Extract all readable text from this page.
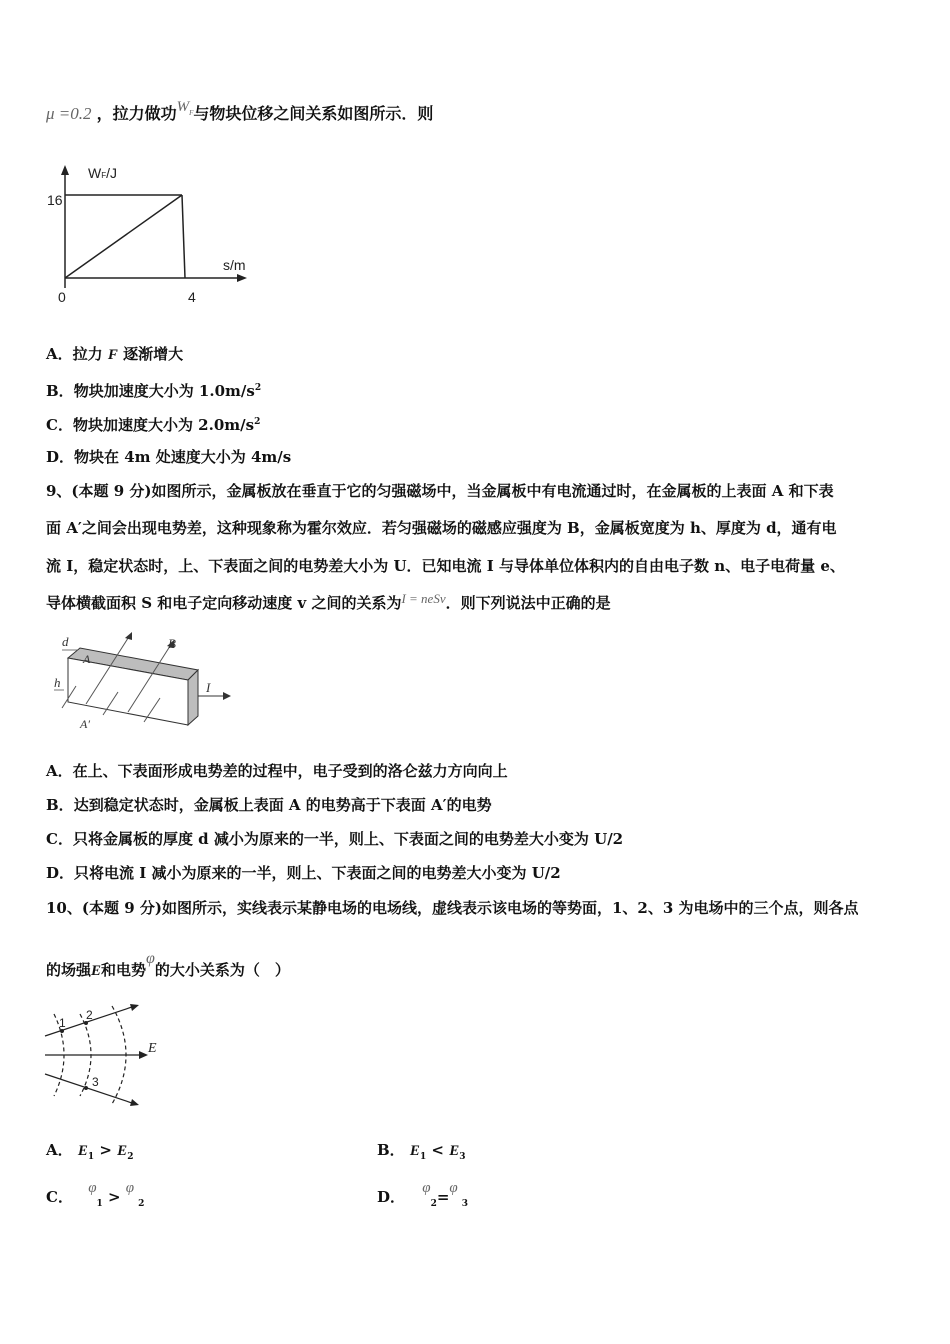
μ =0.2 ，拉力做功$W_F$与物块位移之间关系如图所示．则
WF/J
16
s/m
0	4
A．拉力 F 逐渐增大
B．物块加速度大小为 $1.0m/s^2$
C．物块加速度大小为 $2.0m/s^2$
D．物块在 4m 处速度大小为 4m/s
9、(本题 9 分)如图所示，金属板放在垂直于它的匀强磁场中，当金属板中有电流通过时，在金属板的上表面 A 和下表
面 A′之间会出现电势差，这种现象称为霍尔效应．若匀强磁场的磁感应强度为 B，金属板宽度为 h、厚度为 d，通有电
流 I，稳定状态时，上、下表面之间的电势差大小为 U．已知电流 I 与导体单位体积内的自由电子数 n、电子电荷量 e、
导体横截面积 S 和电子定向移动速度 v 之间的关系为I = neSv．则下列说法中正确的是
d
A
B
h
A′
I
A．在上、下表面形成电势差的过程中，电子受到的洛仑兹力方向向上
B．达到稳定状态时，金属板上表面 A 的电势高于下表面 A′的电势
C．只将金属板的厚度 d 减小为原来的一半，则上、下表面之间的电势差大小变为 U/2
D．只将电流 I 减小为原来的一半，则上、下表面之间的电势差大小变为 U/2
10、(本题 9 分)如图所示，实线表示某静电场的电场线，虚线表示该电场的等势面，1、2、3 为电场中的三个点，则各点
的场强E和电势φ的大小关系为（　）
1
2
3
E
A． $E_1 > E_2$	B． $E_1 < E_3$
C． $\varphi_1 > \varphi_2$	D． $\varphi_2=\varphi_3$
